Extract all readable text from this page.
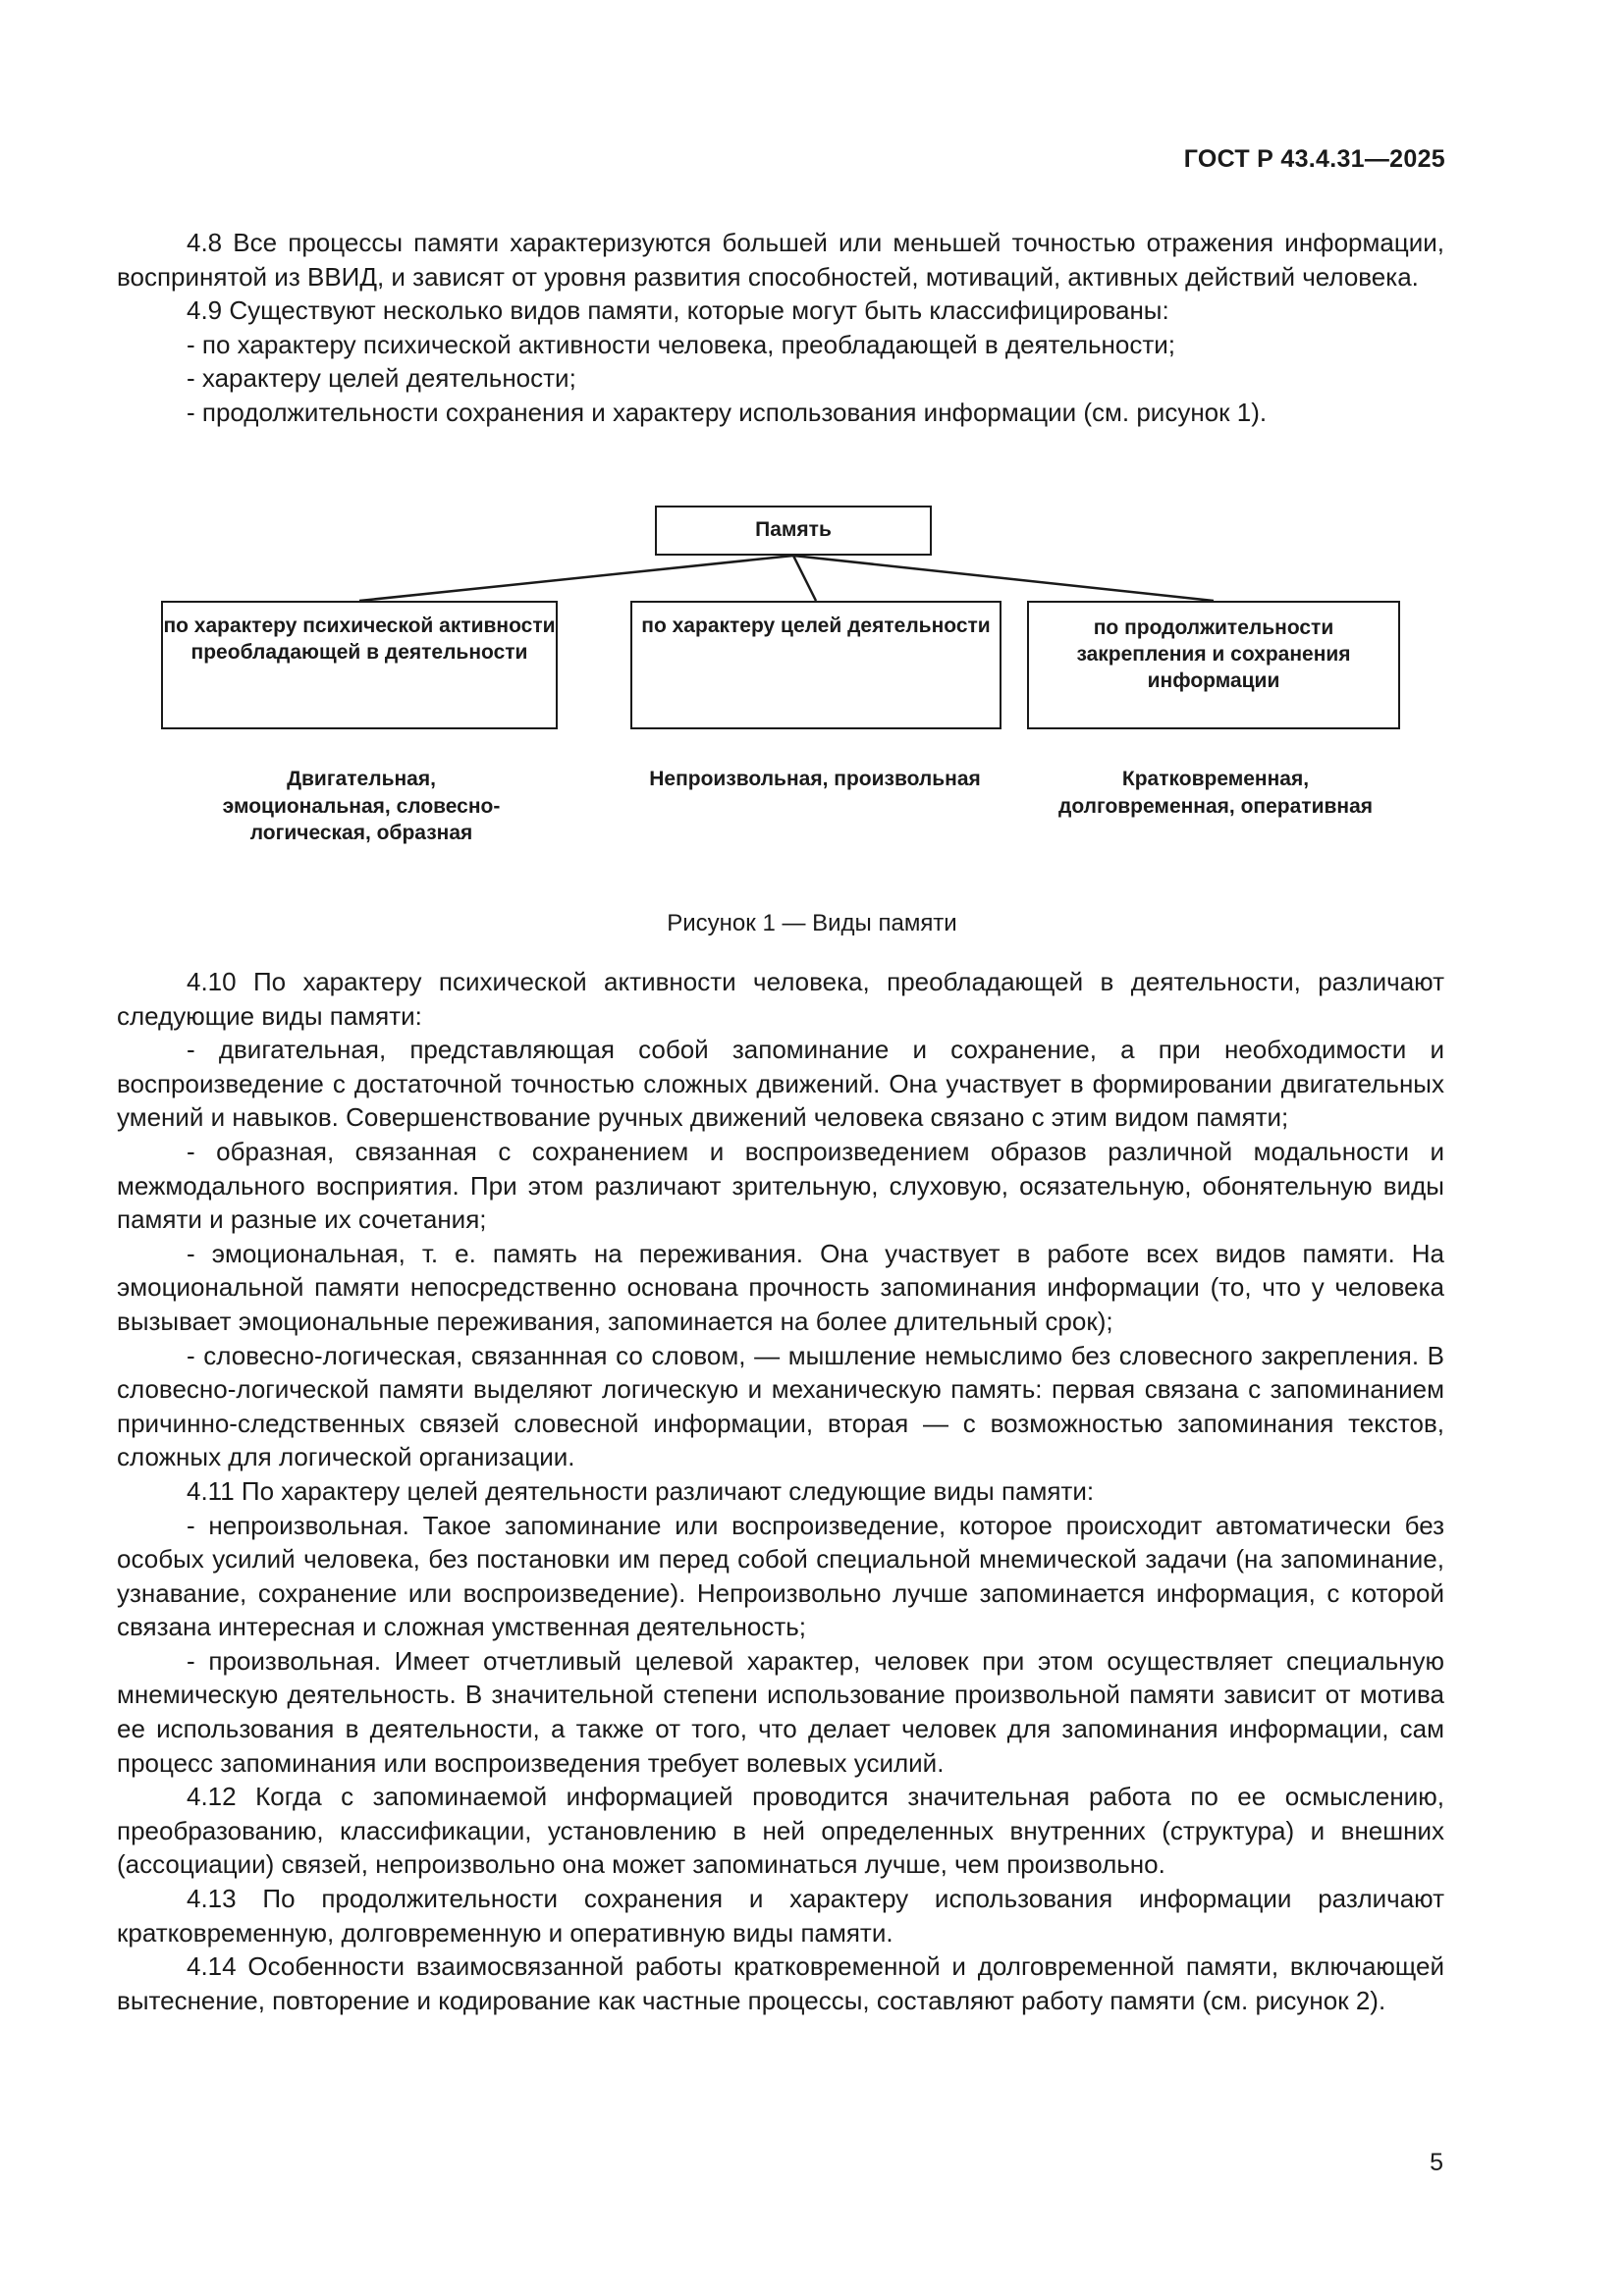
ГОСТ Р 43.4.31—2025

4.8 Все процессы памяти характеризуются большей или меньшей точностью отражения информации, воспринятой из ВВИД, и зависят от уровня развития способностей, мотиваций, активных действий человека.

4.9 Существуют несколько видов памяти, которые могут быть классифицированы:

- по характеру психической активности человека, преобладающей в деятельности;

- характеру целей деятельности;

- продолжительности сохранения и характеру использования информации (см. рисунок 1).

Память
по характеру психической активности преобладающей в деятельности
по характеру целей деятельности	по продолжительности закрепления и сохранения информации
Двигательная, эмоциональная, словесно-логическая, образная
Непроизвольная, произвольная	Кратковременная, долговременная, оперативная
Рисунок 1 — Виды памяти

4.10 По характеру психической активности человека, преобладающей в деятельности, различают следующие виды памяти:

- двигательная, представляющая собой запоминание и сохранение, а при необходимости и воспроизведение с достаточной точностью сложных движений. Она участвует в формировании двигательных умений и навыков. Совершенствование ручных движений человека связано с этим видом памяти;

- образная, связанная с сохранением и воспроизведением образов различной модальности и межмодального восприятия. При этом различают зрительную, слуховую, осязательную, обонятельную виды памяти и разные их сочетания;

- эмоциональная, т. е. память на переживания. Она участвует в работе всех видов памяти. На эмоциональной памяти непосредственно основана прочность запоминания информации (то, что у человека вызывает эмоциональные переживания, запоминается на более длительный срок);

- словесно-логическая, связаннная со словом, — мышление немыслимо без словесного закрепления. В словесно-логической памяти выделяют логическую и механическую память: первая связана с запоминанием причинно-следственных связей словесной информации, вторая — с возможностью запоминания текстов, сложных для логической организации.

4.11 По характеру целей деятельности различают следующие виды памяти:

- непроизвольная. Такое запоминание или воспроизведение, которое происходит автоматически без особых усилий человека, без постановки им перед собой специальной мнемической задачи (на запоминание, узнавание, сохранение или воспроизведение). Непроизвольно лучше запоминается информация, с которой связана интересная и сложная умственная деятельность;

- произвольная. Имеет отчетливый целевой характер, человек при этом осуществляет специальную мнемическую деятельность. В значительной степени использование произвольной памяти зависит от мотива ее использования в деятельности, а также от того, что делает человек для запоминания информации, сам процесс запоминания или воспроизведения требует волевых усилий.

4.12 Когда с запоминаемой информацией проводится значительная работа по ее осмыслению, преобразованию, классификации, установлению в ней определенных внутренних (структура) и внешних (ассоциации) связей, непроизвольно она может запоминаться лучше, чем произвольно.

4.13 По продолжительности сохранения и характеру использования информации различают кратковременную, долговременную и оперативную виды памяти.

4.14 Особенности взаимосвязанной работы кратковременной и долговременной памяти, включающей вытеснение, повторение и кодирование как частные процессы, составляют работу памяти (см. рисунок 2).

5
